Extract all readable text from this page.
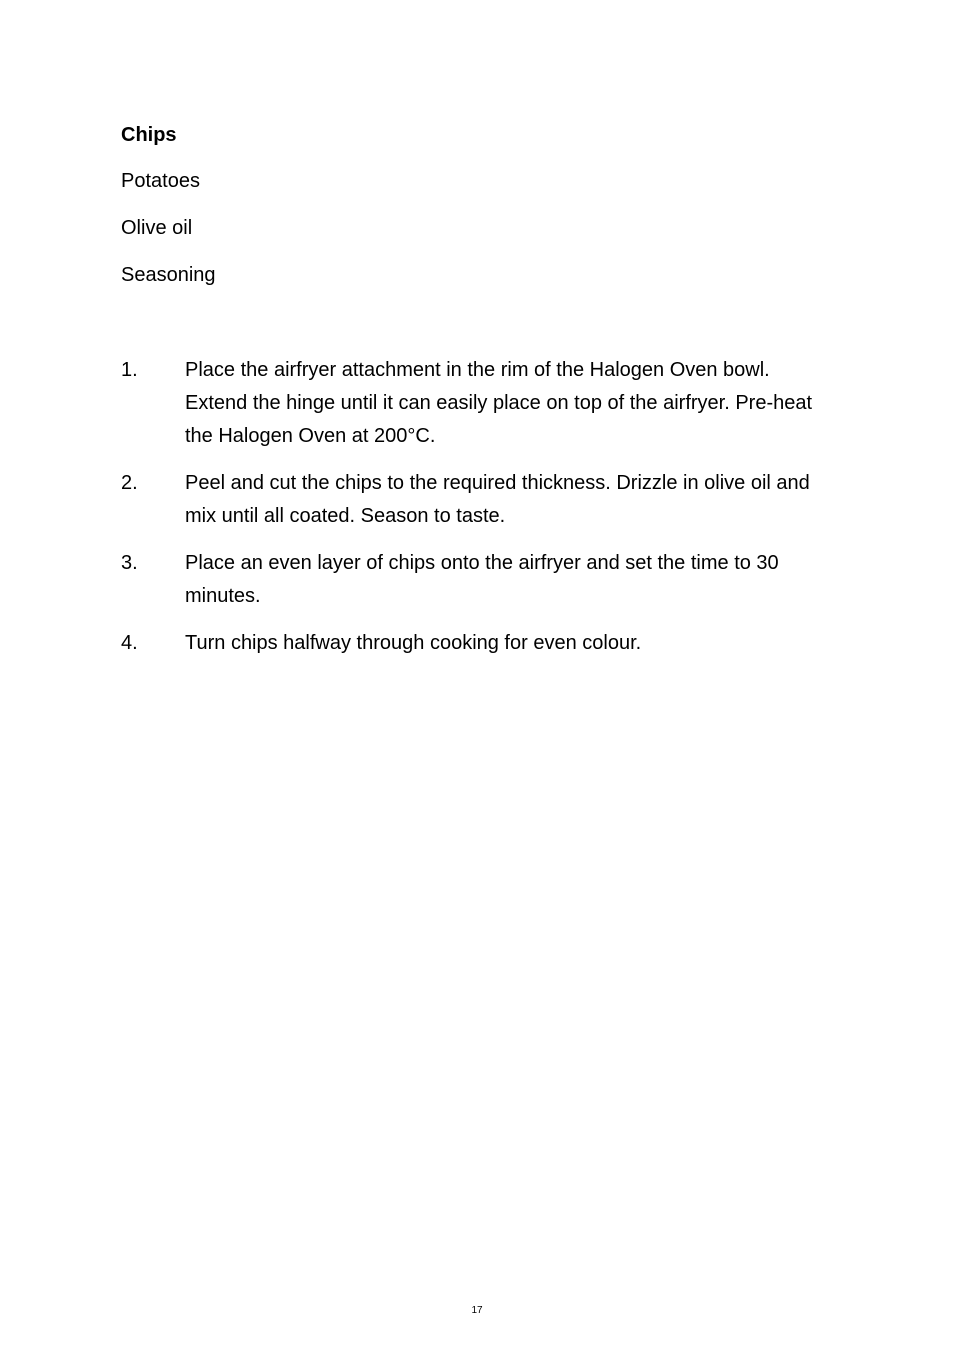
Chips
Potatoes
Olive oil
Seasoning
1.	Place the airfryer attachment in the rim of the Halogen Oven bowl. Extend the hinge until it can easily place on top of the airfryer. Pre-heat the Halogen Oven at 200°C.
2.	Peel and cut the chips to the required thickness. Drizzle in olive oil and mix until all coated. Season to taste.
3.	Place an even layer of chips onto the airfryer and set the time to 30 minutes.
4.	Turn chips halfway through cooking for even colour.
17
